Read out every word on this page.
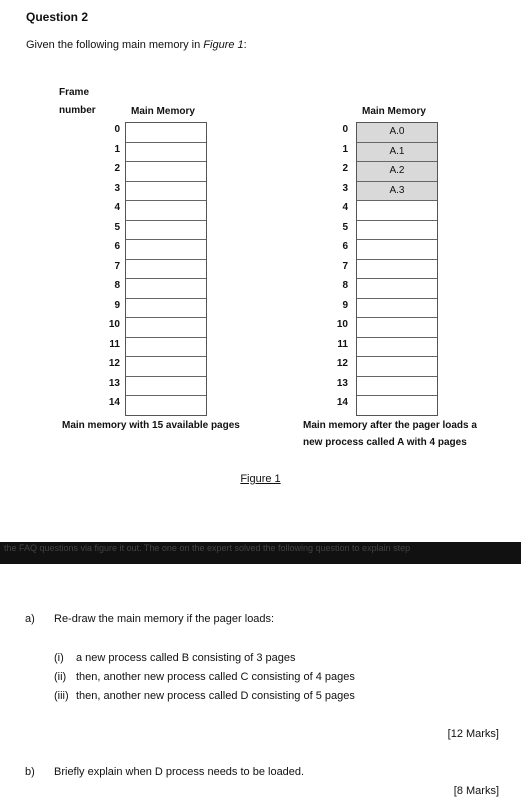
Question 2
Given the following main memory in Figure 1:
Frame
number	Main Memory
0
1
2
3
4
5
6
7
8
9
10
11
12
13
14
Main memory with 15 available pages
Main Memory
0
1
2
3
4
5
6
7
8
9
10
11
12
13
14
A.0
A.1
A.2
A.3
Main memory after the pager loads a
new process called A with 4 pages
Figure 1
the FAQ questions via figure it out. The one on the expert solved the following question to explain step
a) Re-draw the main memory if the pager loads:
(i) a new process called B consisting of 3 pages
(ii) then, another new process called C consisting of 4 pages
(iii) then, another new process called D consisting of 5 pages
[12 Marks]
b) Briefly explain when D process needs to be loaded.
[8 Marks]
